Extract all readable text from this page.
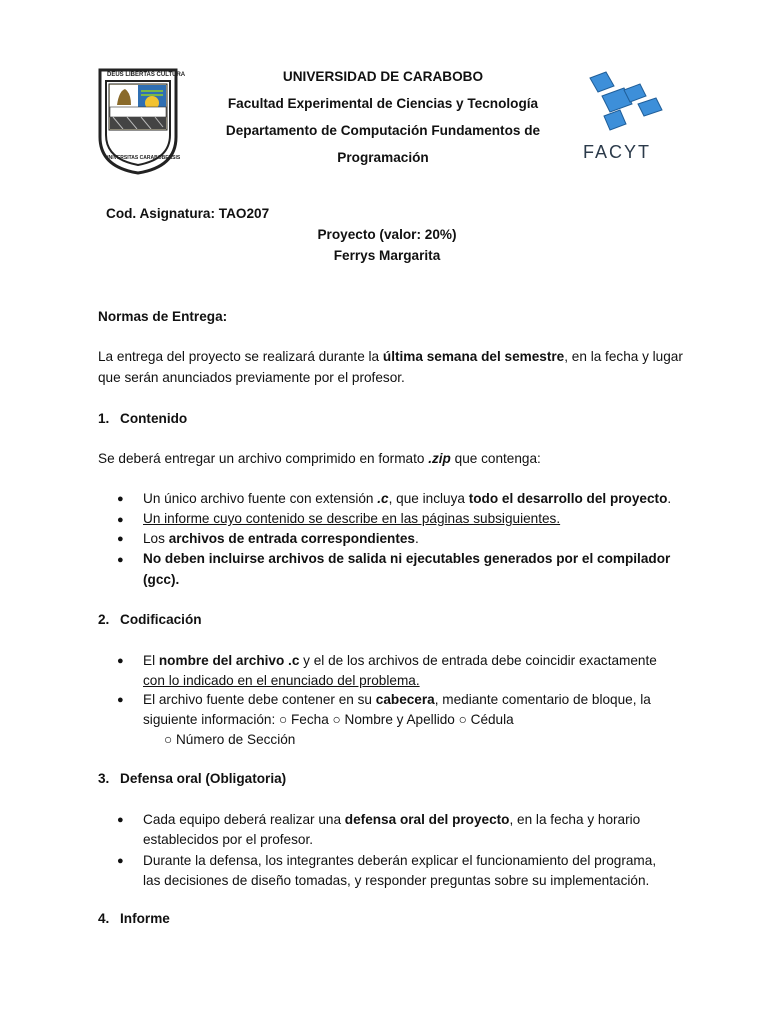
DEUS LIBERTAS CULTURA
UNIVERSITAS CARABOBENSIS
UNIVERSIDAD DE CARABOBO
Facultad Experimental de Ciencias y Tecnología
Departamento de Computación Fundamentos de
Programación	FACYT
Cod. Asignatura: TAO207
Proyecto (valor: 20%)
Ferrys Margarita
Normas de Entrega:
La entrega del proyecto se realizará durante la última semana del semestre, en la fecha y lugar
que serán anunciados previamente por el profesor.
1. Contenido
Se deberá entregar un archivo comprimido en formato .zip que contenga:
● Un único archivo fuente con extensión .c, que incluya todo el desarrollo del proyecto.
● Un informe cuyo contenido se describe en las páginas subsiguientes.
● Los archivos de entrada correspondientes.
● No deben incluirse archivos de salida ni ejecutables generados por el compilador
(gcc).
2. Codificación
● El nombre del archivo .c y el de los archivos de entrada debe coincidir exactamente
con lo indicado en el enunciado del problema.
● El archivo fuente debe contener en su cabecera, mediante comentario de bloque, la
siguiente información: ○ Fecha ○ Nombre y Apellido ○ Cédula
○ Número de Sección
3. Defensa oral (Obligatoria)
● Cada equipo deberá realizar una defensa oral del proyecto, en la fecha y horario
establecidos por el profesor.
● Durante la defensa, los integrantes deberán explicar el funcionamiento del programa,
las decisiones de diseño tomadas, y responder preguntas sobre su implementación.
4. Informe
